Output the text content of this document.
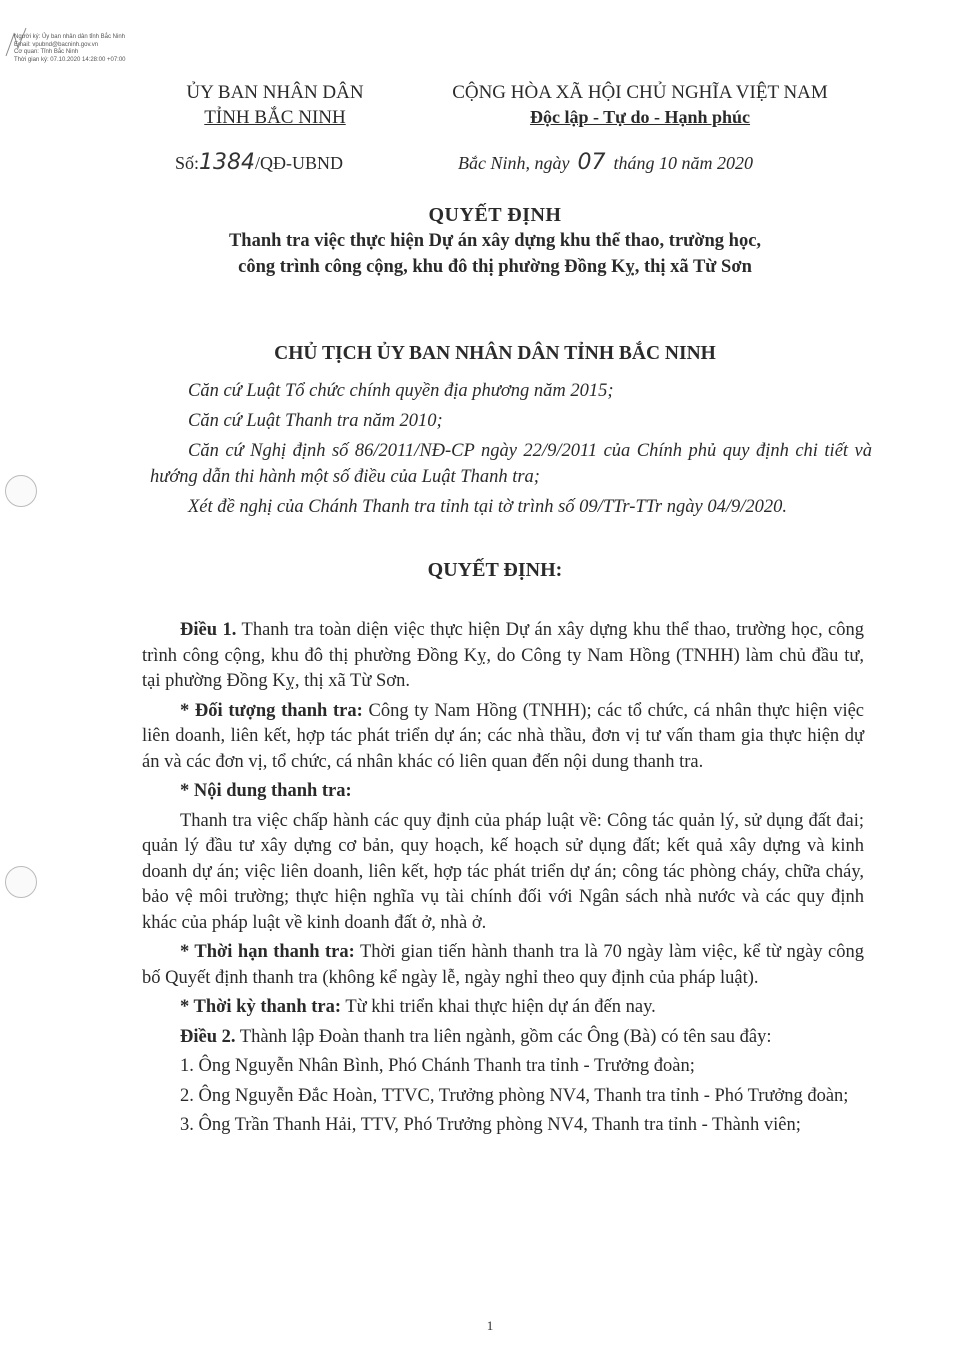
Người ký: Ủy ban nhân dân tỉnh Bắc Ninh
Email: vpubnd@bacninh.gov.vn
Cơ quan: Tỉnh Bắc Ninh
Thời gian ký: 07.10.2020 14:28:00 +07:00
ỦY BAN NHÂN DÂN
TỈNH BẮC NINH
CỘNG HÒA XÃ HỘI CHỦ NGHĨA VIỆT NAM
Độc lập - Tự do - Hạnh phúc
Số:1384/QĐ-UBND	Bắc Ninh, ngày 07 tháng 10 năm 2020
QUYẾT ĐỊNH
Thanh tra việc thực hiện Dự án xây dựng khu thể thao, trường học,
công trình công cộng, khu đô thị phường Đồng Kỵ, thị xã Từ Sơn
CHỦ TỊCH ỦY BAN NHÂN DÂN TỈNH BẮC NINH

Căn cứ Luật Tổ chức chính quyền địa phương năm 2015;

Căn cứ Luật Thanh tra năm 2010;

Căn cứ Nghị định số 86/2011/NĐ-CP ngày 22/9/2011 của Chính phủ quy định chi tiết và hướng dẫn thi hành một số điều của Luật Thanh tra;

Xét đề nghị của Chánh Thanh tra tỉnh tại tờ trình số 09/TTr-TTr ngày 04/9/2020.

QUYẾT ĐỊNH:

Điều 1. Thanh tra toàn diện việc thực hiện Dự án xây dựng khu thể thao, trường học, công trình công cộng, khu đô thị phường Đồng Kỵ, do Công ty Nam Hồng (TNHH) làm chủ đầu tư, tại phường Đồng Kỵ, thị xã Từ Sơn.

* Đối tượng thanh tra: Công ty Nam Hồng (TNHH); các tổ chức, cá nhân thực hiện việc liên doanh, liên kết, hợp tác phát triển dự án; các nhà thầu, đơn vị tư vấn tham gia thực hiện dự án và các đơn vị, tổ chức, cá nhân khác có liên quan đến nội dung thanh tra.

* Nội dung thanh tra:

Thanh tra việc chấp hành các quy định của pháp luật về: Công tác quản lý, sử dụng đất đai; quản lý đầu tư xây dựng cơ bản, quy hoạch, kế hoạch sử dụng đất; kết quả xây dựng và kinh doanh dự án; việc liên doanh, liên kết, hợp tác phát triển dự án; công tác phòng cháy, chữa cháy, bảo vệ môi trường; thực hiện nghĩa vụ tài chính đối với Ngân sách nhà nước và các quy định khác của pháp luật về kinh doanh đất ở, nhà ở.

* Thời hạn thanh tra: Thời gian tiến hành thanh tra là 70 ngày làm việc, kể từ ngày công bố Quyết định thanh tra (không kể ngày lễ, ngày nghỉ theo quy định của pháp luật).

* Thời kỳ thanh tra: Từ khi triển khai thực hiện dự án đến nay.

Điều 2. Thành lập Đoàn thanh tra liên ngành, gồm các Ông (Bà) có tên sau đây:

1. Ông Nguyễn Nhân Bình, Phó Chánh Thanh tra tỉnh - Trưởng đoàn;

2. Ông Nguyễn Đắc Hoàn, TTVC, Trưởng phòng NV4, Thanh tra tỉnh - Phó Trưởng đoàn;

3. Ông Trần Thanh Hải, TTV, Phó Trưởng phòng NV4, Thanh tra tỉnh - Thành viên;

1
